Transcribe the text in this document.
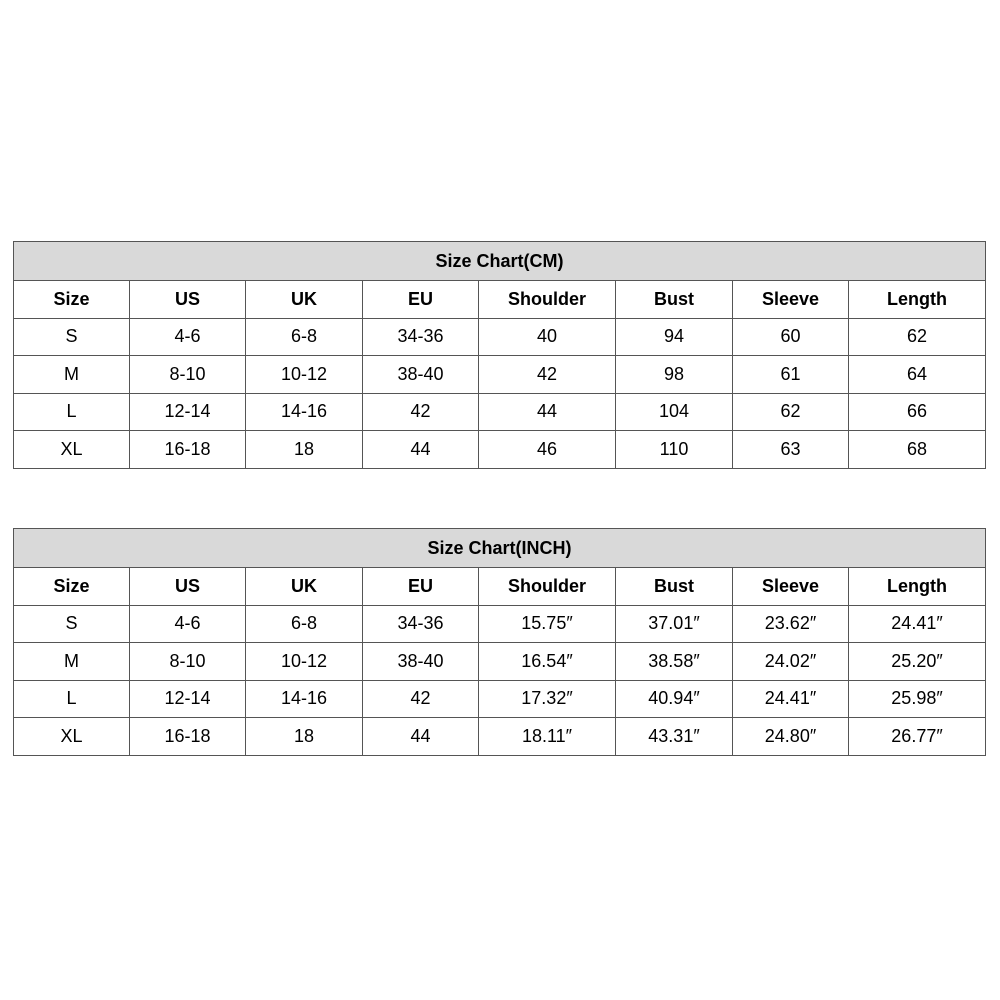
Size Chart(CM)							
Size	US	UK	EU	Shoulder	Bust	Sleeve	Length
S	4-6	6-8	34-36	40	94	60	62
M	8-10	10-12	38-40	42	98	61	64
L	12-14	14-16	42	44	104	62	66
XL	16-18	18	44	46	110	63	68
Size Chart(INCH)							
Size	US	UK	EU	Shoulder	Bust	Sleeve	Length
S	4-6	6-8	34-36	15.75″	37.01″	23.62″	24.41″
M	8-10	10-12	38-40	16.54″	38.58″	24.02″	25.20″
L	12-14	14-16	42	17.32″	40.94″	24.41″	25.98″
XL	16-18	18	44	18.11″	43.31″	24.80″	26.77″
